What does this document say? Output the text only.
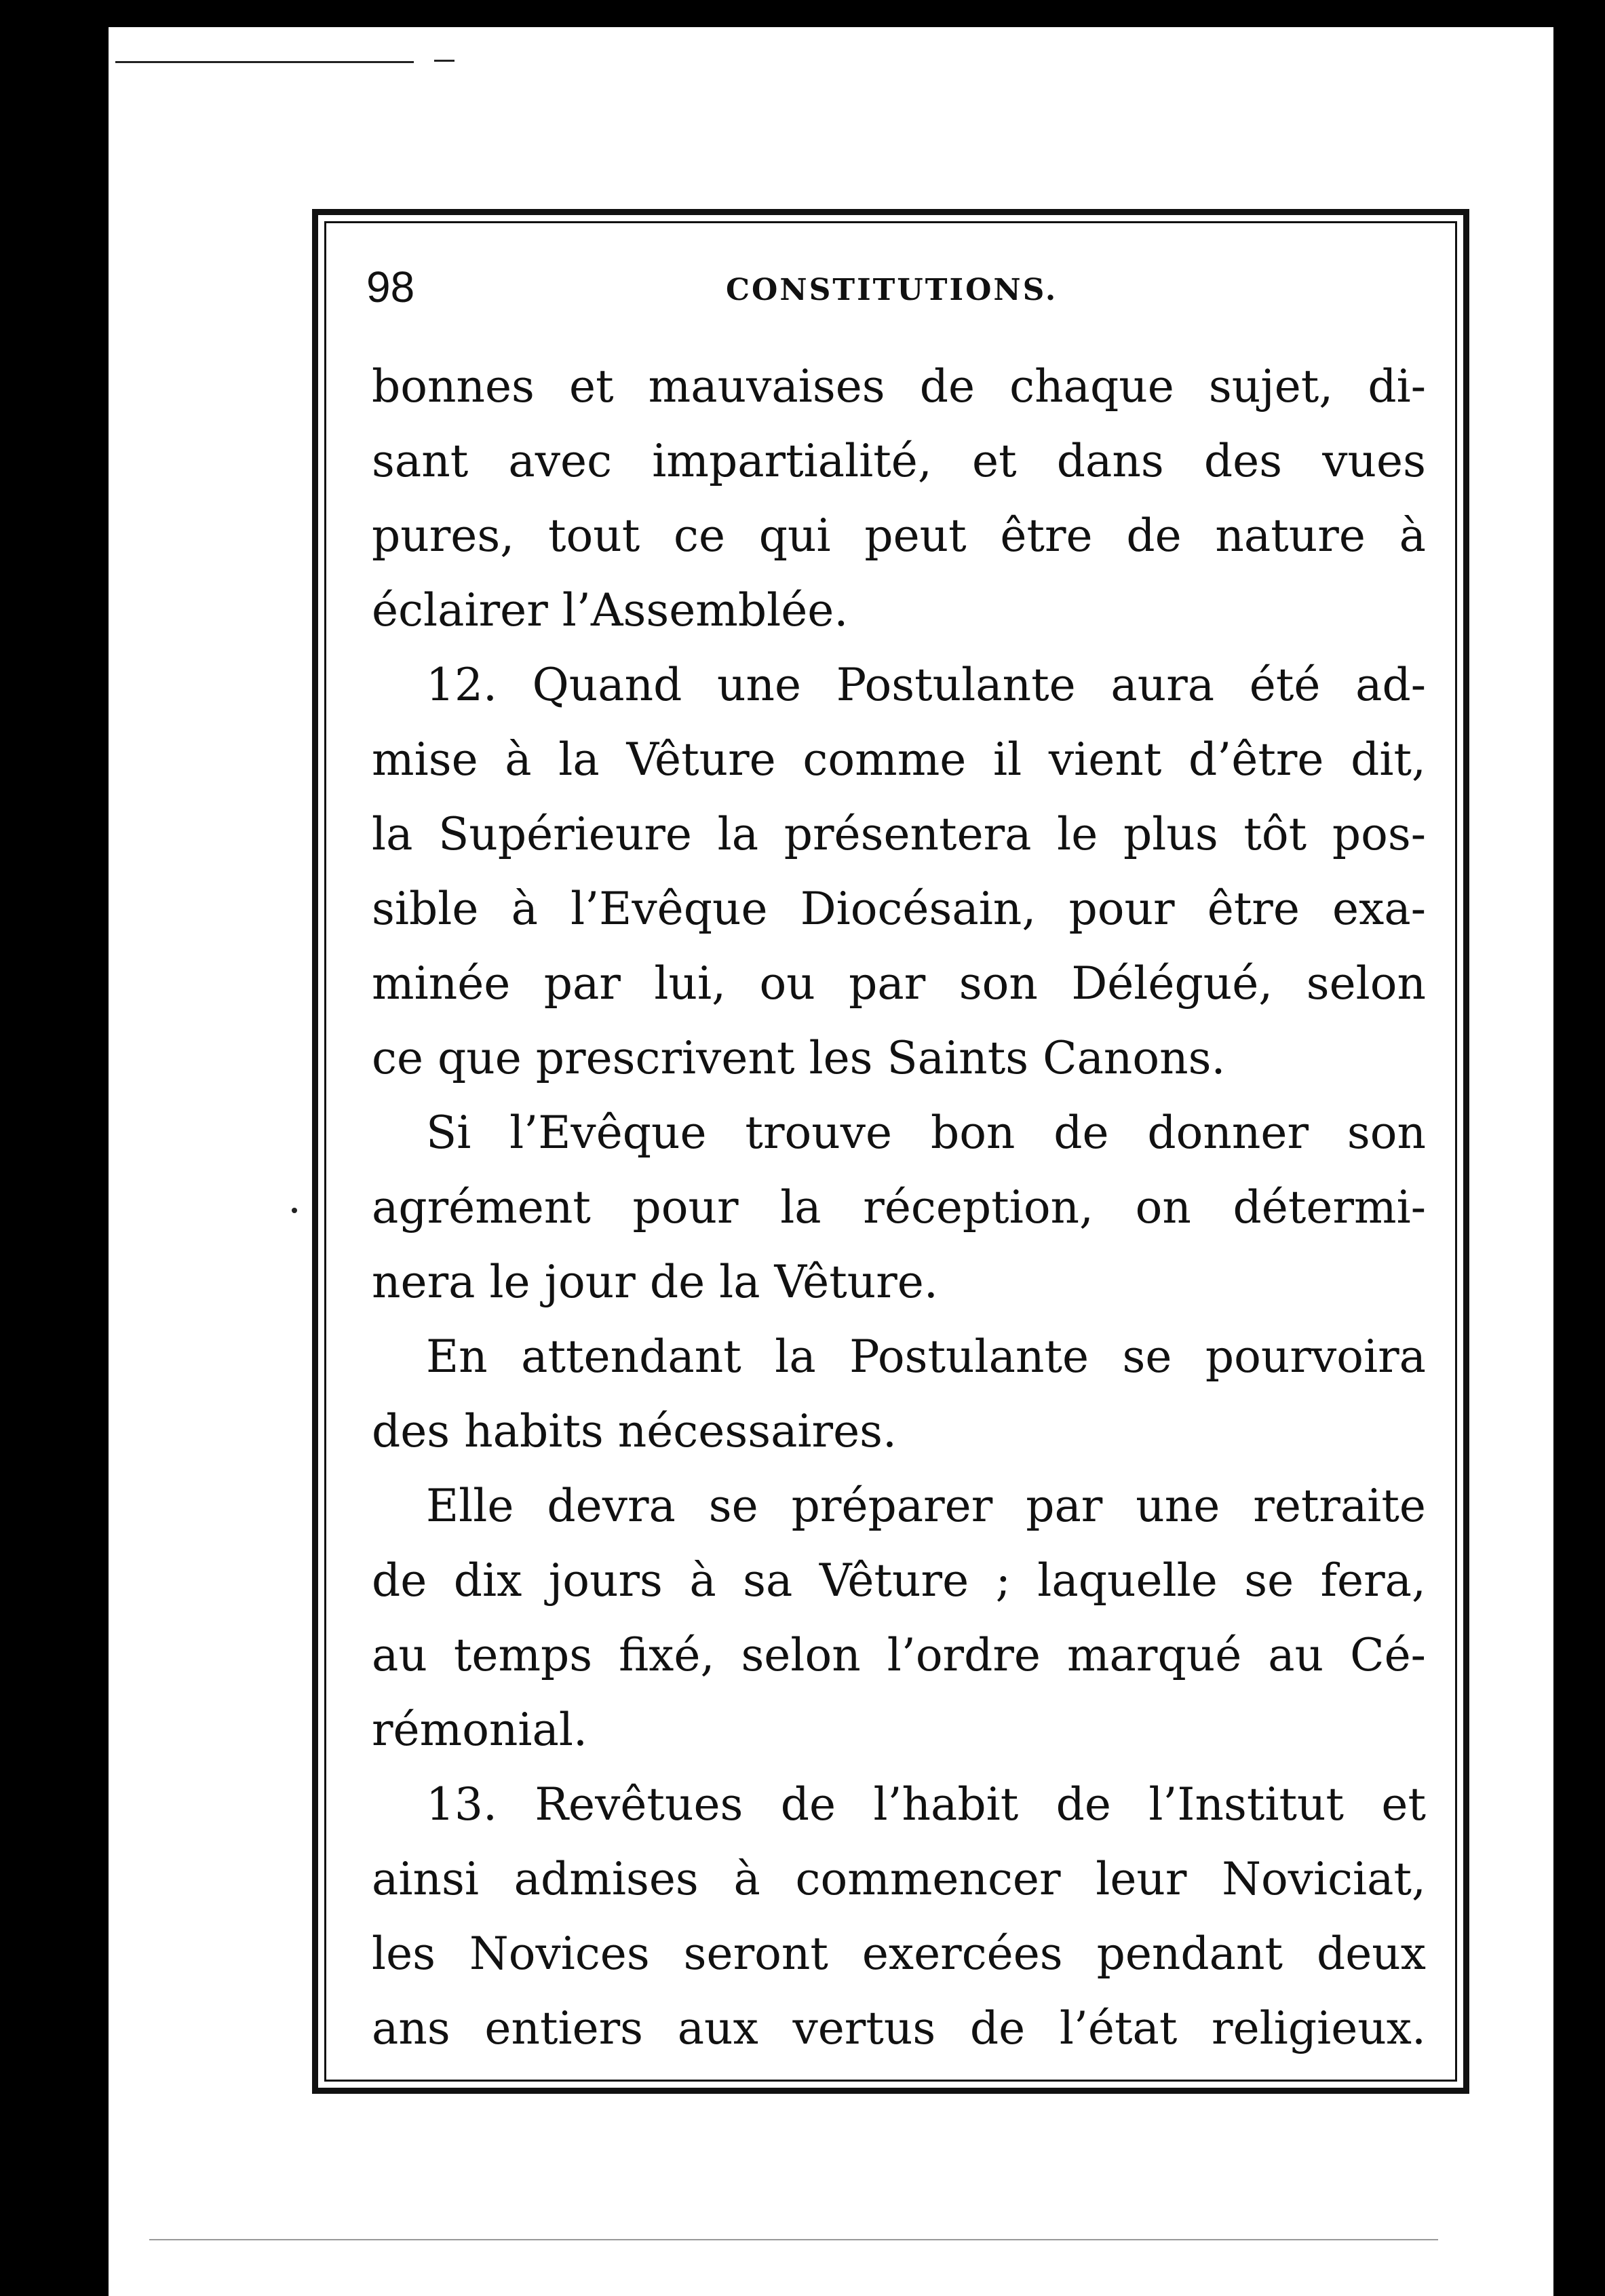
98	CONSTITUTIONS.
bonnes et mauvaises de chaque sujet, di-
sant avec impartialité, et dans des vues
pures, tout ce qui peut être de nature à
éclairer l’Assemblée.
12. Quand une Postulante aura été ad-
mise à la Vêture comme il vient d’être dit,
la Supérieure la présentera le plus tôt pos-
sible à l’Evêque Diocésain, pour être exa-
minée par lui, ou par son Délégué, selon
ce que prescrivent les Saints Canons.
Si l’Evêque trouve bon de donner son
agrément pour la réception, on détermi-
nera le jour de la Vêture.
En attendant la Postulante se pourvoira
des habits nécessaires.
Elle devra se préparer par une retraite
de dix jours à sa Vêture ; laquelle se fera,
au temps fixé, selon l’ordre marqué au Cé-
rémonial.
13. Revêtues de l’habit de l’Institut et
ainsi admises à commencer leur Noviciat,
les Novices seront exercées pendant deux
ans entiers aux vertus de l’état religieux.
